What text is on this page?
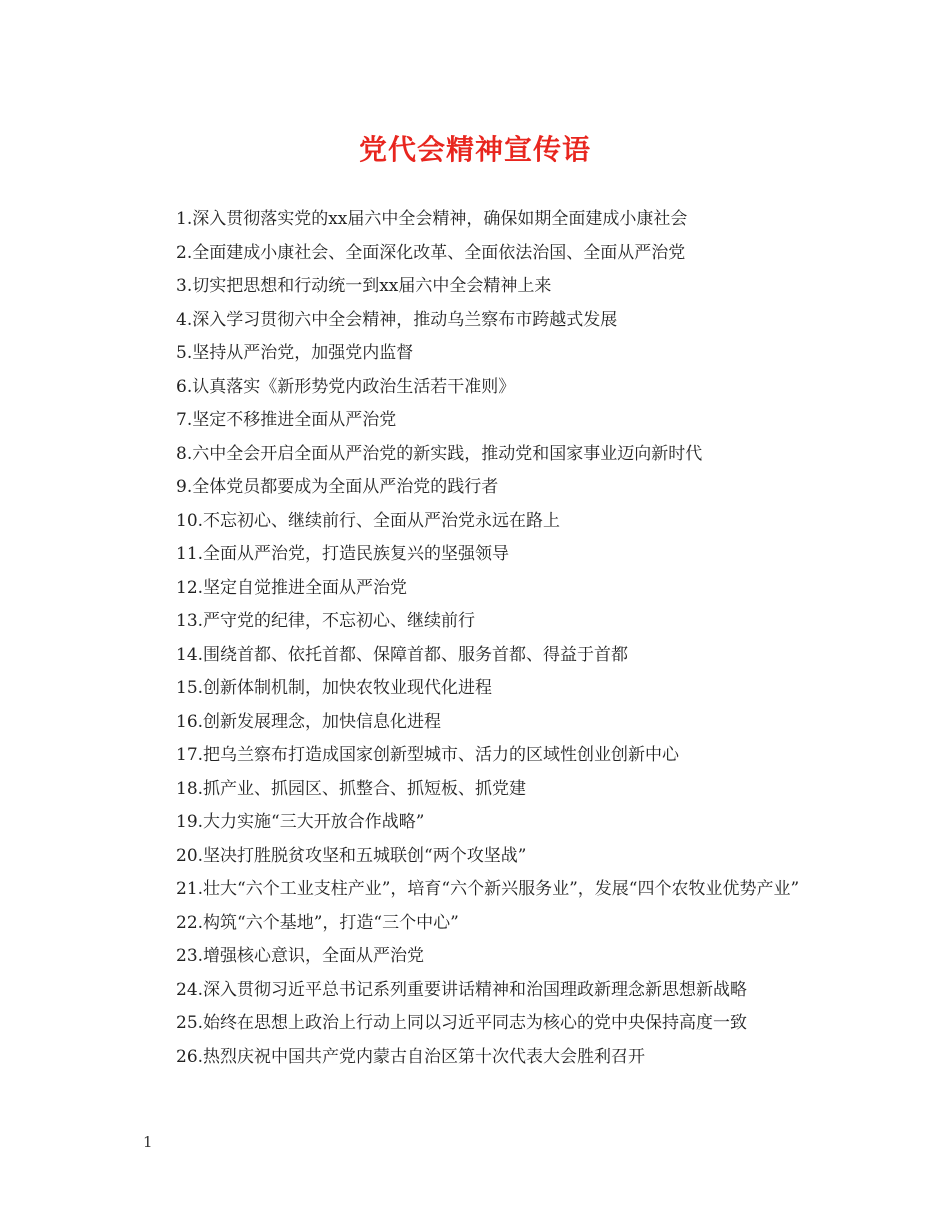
党代会精神宣传语
1.深入贯彻落实党的xx届六中全会精神，确保如期全面建成小康社会
2.全面建成小康社会、全面深化改革、全面依法治国、全面从严治党
3.切实把思想和行动统一到xx届六中全会精神上来
4.深入学习贯彻六中全会精神，推动乌兰察布市跨越式发展
5.坚持从严治党，加强党内监督
6.认真落实《新形势党内政治生活若干准则》
7.坚定不移推进全面从严治党
8.六中全会开启全面从严治党的新实践，推动党和国家事业迈向新时代
9.全体党员都要成为全面从严治党的践行者
10.不忘初心、继续前行、全面从严治党永远在路上
11.全面从严治党，打造民族复兴的坚强领导
12.坚定自觉推进全面从严治党
13.严守党的纪律，不忘初心、继续前行
14.围绕首都、依托首都、保障首都、服务首都、得益于首都
15.创新体制机制，加快农牧业现代化进程
16.创新发展理念，加快信息化进程
17.把乌兰察布打造成国家创新型城市、活力的区域性创业创新中心
18.抓产业、抓园区、抓整合、抓短板、抓党建
19.大力实施“三大开放合作战略”
20.坚决打胜脱贫攻坚和五城联创“两个攻坚战”
21.壮大“六个工业支柱产业”，培育“六个新兴服务业”，发展“四个农牧业优势产业”
22.构筑“六个基地”，打造“三个中心”
23.增强核心意识，全面从严治党
24.深入贯彻习近平总书记系列重要讲话精神和治国理政新理念新思想新战略
25.始终在思想上政治上行动上同以习近平同志为核心的党中央保持高度一致
26.热烈庆祝中国共产党内蒙古自治区第十次代表大会胜利召开
1
